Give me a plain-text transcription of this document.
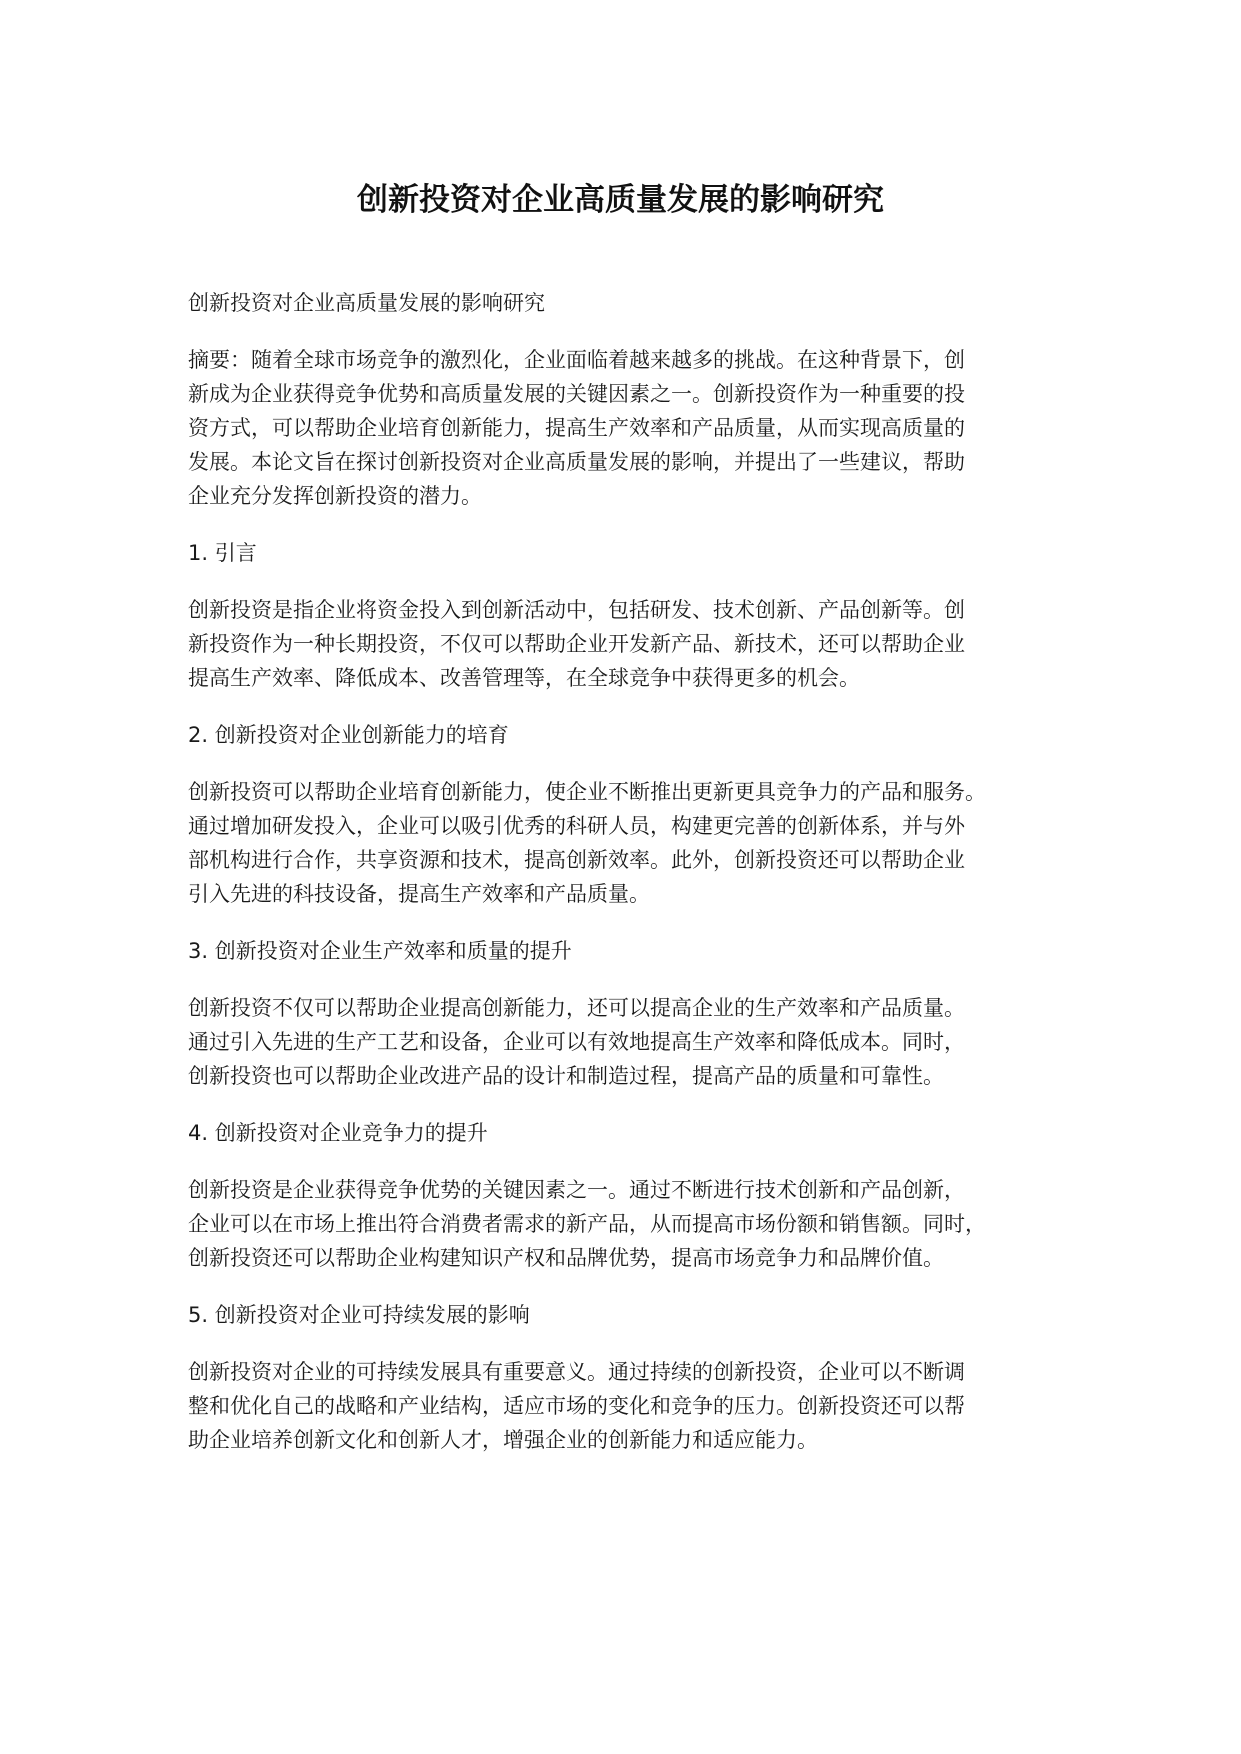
创新投资对企业高质量发展的影响研究

创新投资对企业高质量发展的影响研究

摘要：随着全球市场竞争的激烈化，企业面临着越来越多的挑战。在这种背景下，创
新成为企业获得竞争优势和高质量发展的关键因素之一。创新投资作为一种重要的投
资方式，可以帮助企业培育创新能力，提高生产效率和产品质量，从而实现高质量的
发展。本论文旨在探讨创新投资对企业高质量发展的影响，并提出了一些建议，帮助
企业充分发挥创新投资的潜力。

1. 引言

创新投资是指企业将资金投入到创新活动中，包括研发、技术创新、产品创新等。创
新投资作为一种长期投资，不仅可以帮助企业开发新产品、新技术，还可以帮助企业
提高生产效率、降低成本、改善管理等，在全球竞争中获得更多的机会。

2. 创新投资对企业创新能力的培育

创新投资可以帮助企业培育创新能力，使企业不断推出更新更具竞争力的产品和服务。
通过增加研发投入，企业可以吸引优秀的科研人员，构建更完善的创新体系，并与外
部机构进行合作，共享资源和技术，提高创新效率。此外，创新投资还可以帮助企业
引入先进的科技设备，提高生产效率和产品质量。

3. 创新投资对企业生产效率和质量的提升

创新投资不仅可以帮助企业提高创新能力，还可以提高企业的生产效率和产品质量。
通过引入先进的生产工艺和设备，企业可以有效地提高生产效率和降低成本。同时，
创新投资也可以帮助企业改进产品的设计和制造过程，提高产品的质量和可靠性。

4. 创新投资对企业竞争力的提升

创新投资是企业获得竞争优势的关键因素之一。通过不断进行技术创新和产品创新，
企业可以在市场上推出符合消费者需求的新产品，从而提高市场份额和销售额。同时，
创新投资还可以帮助企业构建知识产权和品牌优势，提高市场竞争力和品牌价值。

5. 创新投资对企业可持续发展的影响

创新投资对企业的可持续发展具有重要意义。通过持续的创新投资，企业可以不断调
整和优化自己的战略和产业结构，适应市场的变化和竞争的压力。创新投资还可以帮
助企业培养创新文化和创新人才，增强企业的创新能力和适应能力。
